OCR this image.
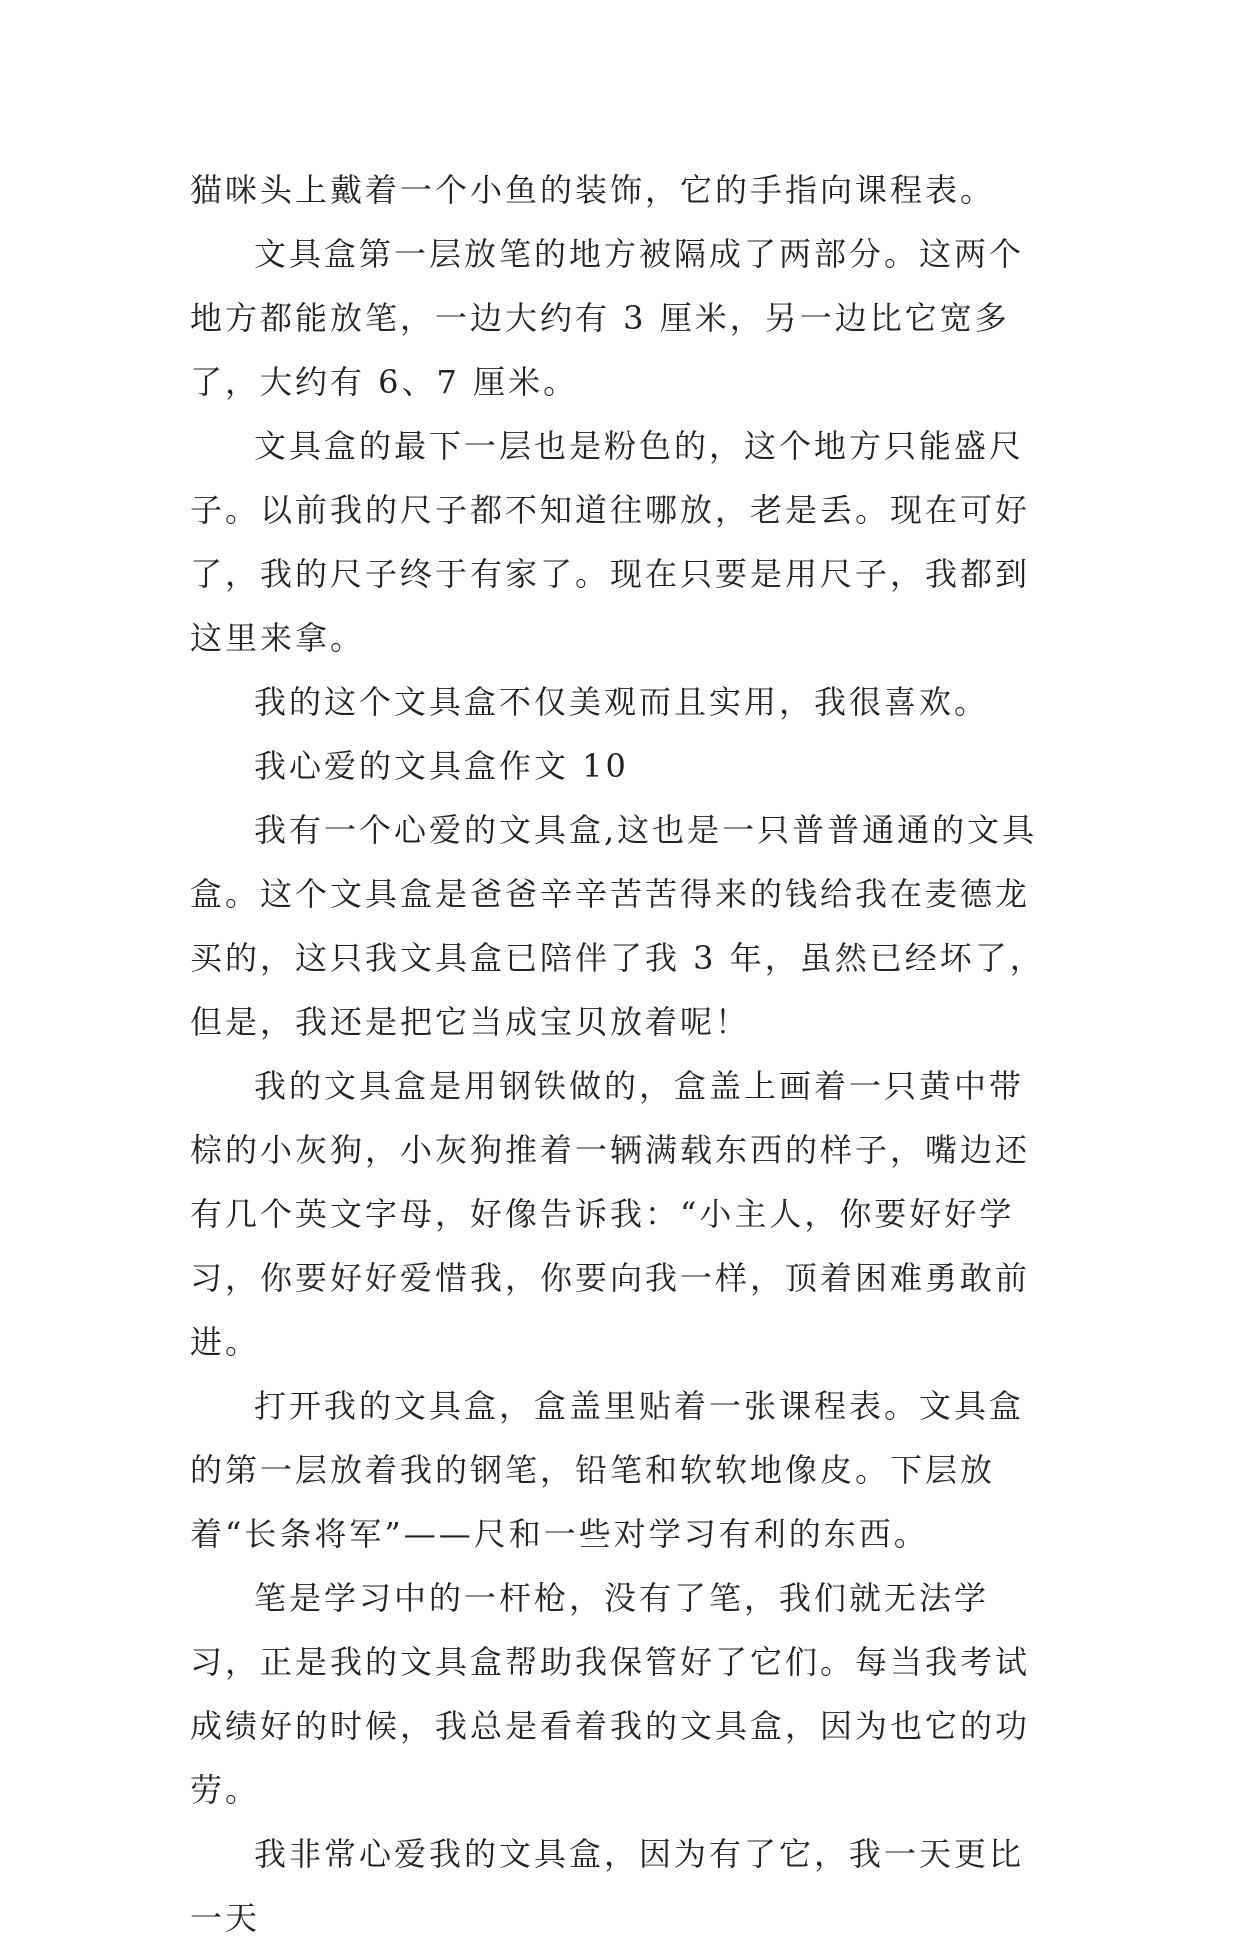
猫咪头上戴着一个小鱼的装饰，它的手指向课程表。

文具盒第一层放笔的地方被隔成了两部分。这两个地方都能放笔，一边大约有 3 厘米，另一边比它宽多了，大约有 6、7 厘米。

文具盒的最下一层也是粉色的，这个地方只能盛尺子。以前我的尺子都不知道往哪放，老是丢。现在可好了，我的尺子终于有家了。现在只要是用尺子，我都到这里来拿。

我的这个文具盒不仅美观而且实用，我很喜欢。

我心爱的文具盒作文 10

我有一个心爱的文具盒,这也是一只普普通通的文具盒。这个文具盒是爸爸辛辛苦苦得来的钱给我在麦德龙买的，这只我文具盒已陪伴了我 3 年，虽然已经坏了，但是，我还是把它当成宝贝放着呢！

我的文具盒是用钢铁做的，盒盖上画着一只黄中带棕的小灰狗，小灰狗推着一辆满载东西的样子，嘴边还有几个英文字母，好像告诉我：“小主人，你要好好学习，你要好好爱惜我，你要向我一样，顶着困难勇敢前进。

打开我的文具盒，盒盖里贴着一张课程表。文具盒的第一层放着我的钢笔，铅笔和软软地像皮。下层放着“长条将军”——尺和一些对学习有利的东西。

笔是学习中的一杆枪，没有了笔，我们就无法学习，正是我的文具盒帮助我保管好了它们。每当我考试成绩好的时候，我总是看着我的文具盒，因为也它的功劳。

我非常心爱我的文具盒，因为有了它，我一天更比一天
